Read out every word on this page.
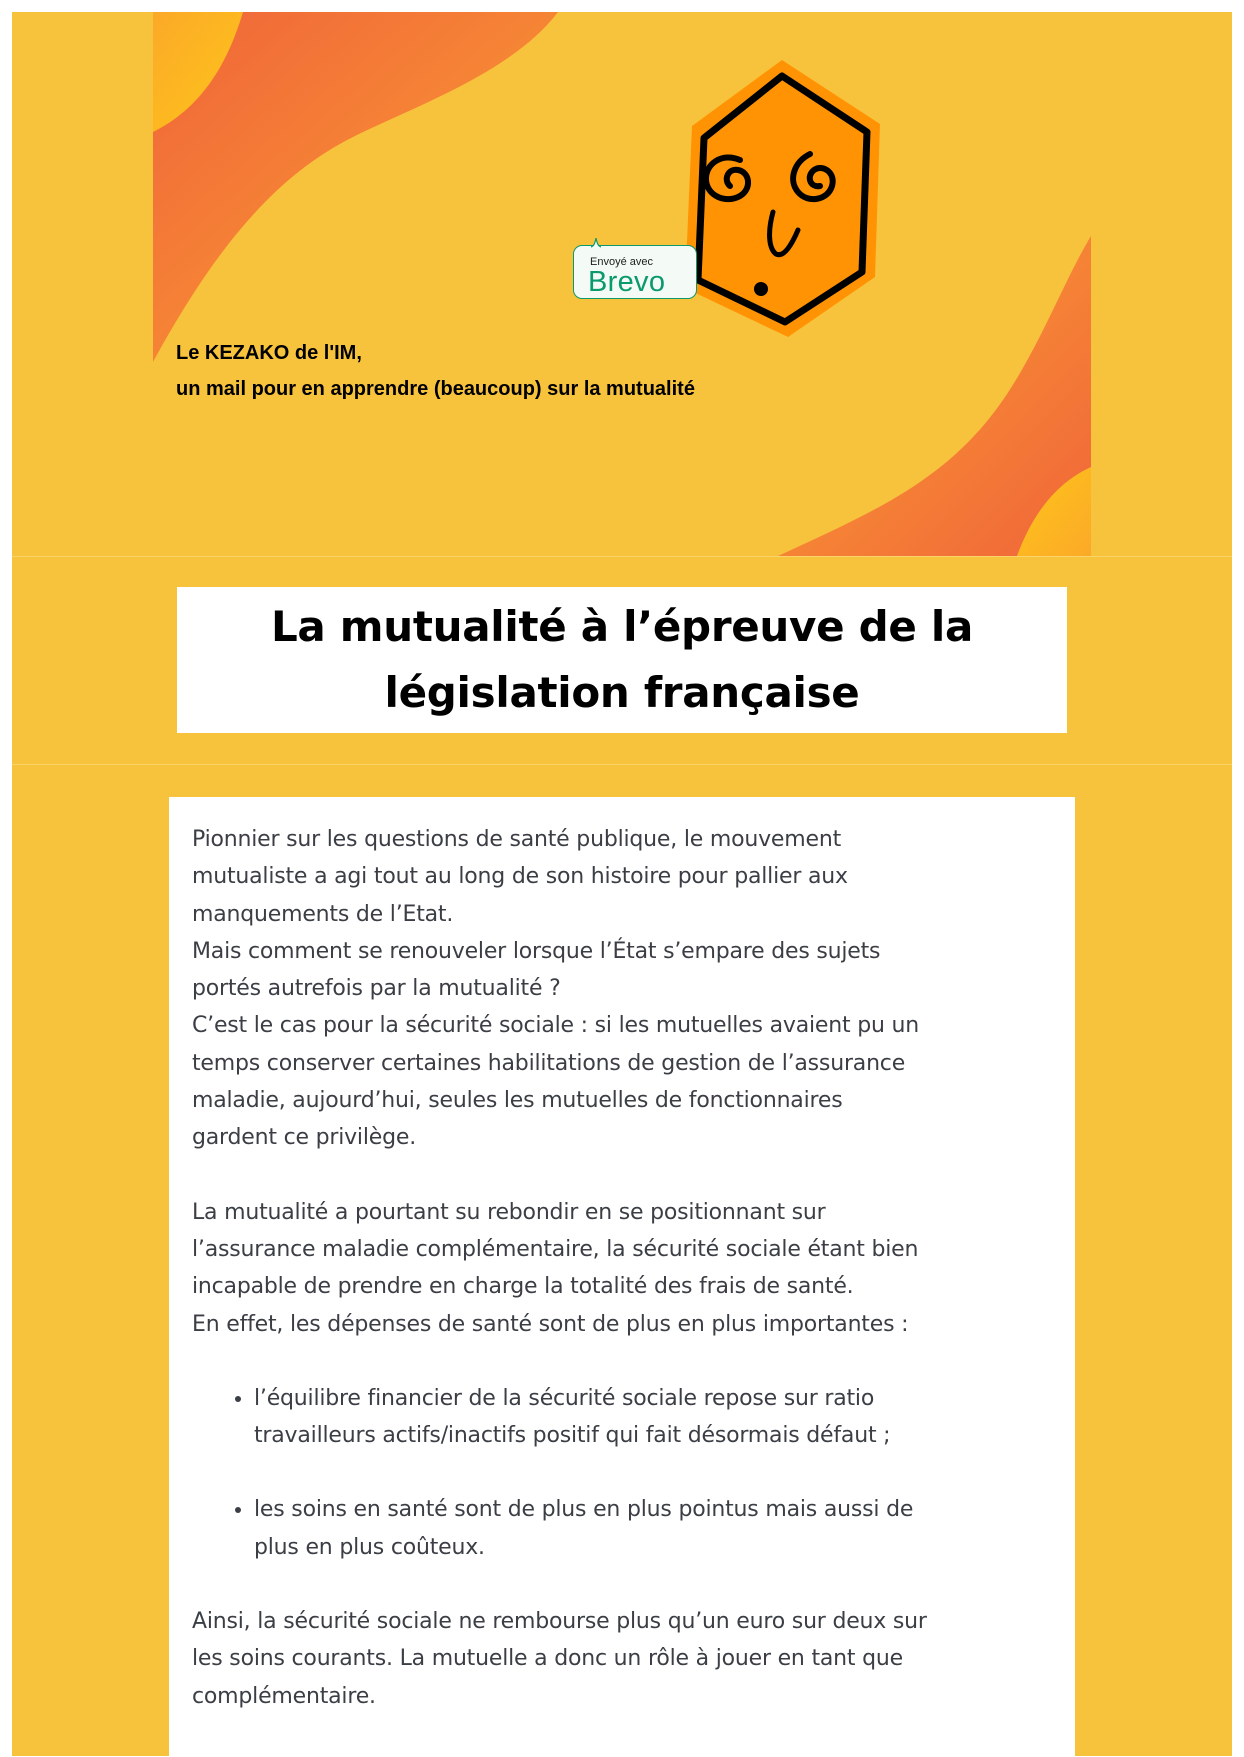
Envoyé avec
Brevo
Le KEZAKO de l'IM,
un mail pour en apprendre (beaucoup) sur la mutualité
La mutualité à l’épreuve de la
législation française

Pionnier sur les questions de santé publique, le mouvement
mutualiste a agi tout au long de son histoire pour pallier aux
manquements de l’Etat.
Mais comment se renouveler lorsque l’État s’empare des sujets
portés autrefois par la mutualité ?
C’est le cas pour la sécurité sociale : si les mutuelles avaient pu un
temps conserver certaines habilitations de gestion de l’assurance
maladie, aujourd’hui, seules les mutuelles de fonctionnaires
gardent ce privilège.

La mutualité a pourtant su rebondir en se positionnant sur
l’assurance maladie complémentaire, la sécurité sociale étant bien
incapable de prendre en charge la totalité des frais de santé.
En effet, les dépenses de santé sont de plus en plus importantes :

• l’équilibre financier de la sécurité sociale repose sur ratio
travailleurs actifs/inactifs positif qui fait désormais défaut ;
• les soins en santé sont de plus en plus pointus mais aussi de
plus en plus coûteux.

Ainsi, la sécurité sociale ne rembourse plus qu’un euro sur deux sur
les soins courants. La mutuelle a donc un rôle à jouer en tant que
complémentaire.
